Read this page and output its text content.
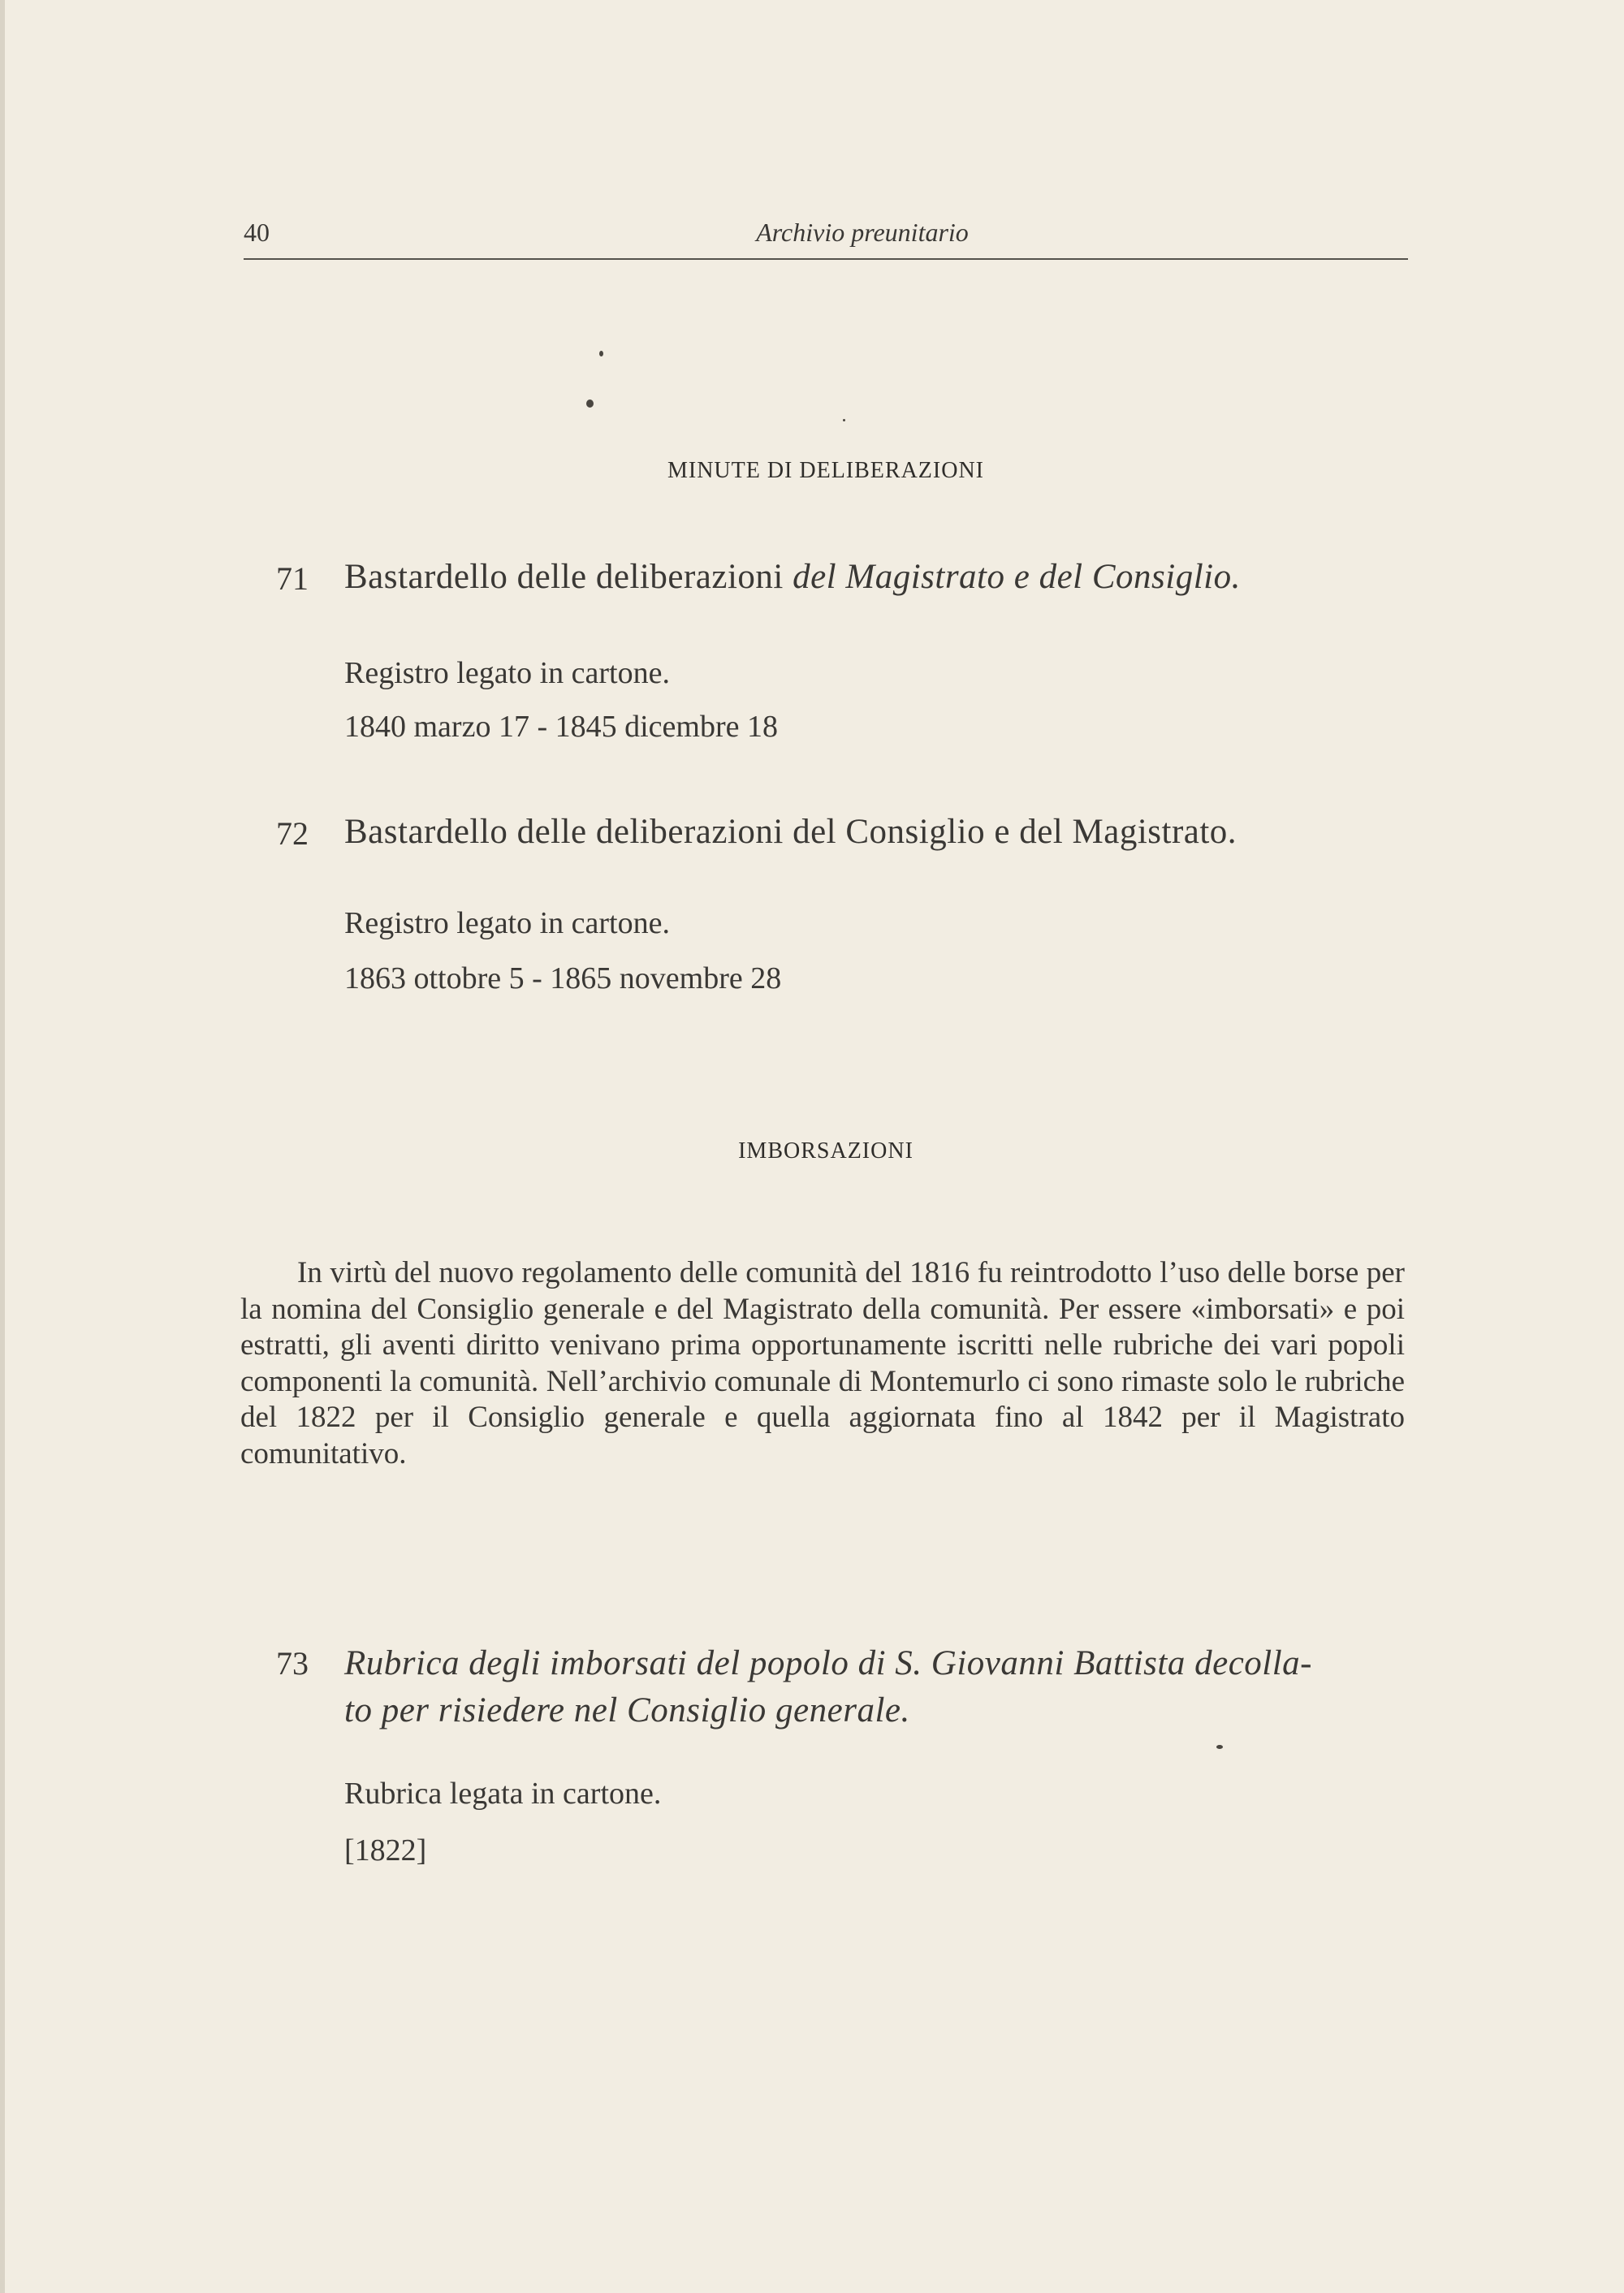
40	Archivio preunitario
MINUTE DI DELIBERAZIONI
71 Bastardello delle deliberazioni del Magistrato e del Consiglio.
Registro legato in cartone.
1840 marzo 17 - 1845 dicembre 18
72 Bastardello delle deliberazioni del Consiglio e del Magistrato.
Registro legato in cartone.
1863 ottobre 5 - 1865 novembre 28
IMBORSAZIONI

In virtù del nuovo regolamento delle comunità del 1816 fu reintrodotto l’uso delle borse per la nomina del Consiglio generale e del Magistrato della comunità. Per essere «imborsati» e poi estratti, gli aventi diritto venivano prima opportunamente iscritti nelle rubriche dei vari popoli componenti la comunità. Nell’archivio comunale di Montemurlo ci sono rimaste solo le rubriche del 1822 per il Consiglio generale e quella aggiornata fino al 1842 per il Magistrato comunitativo.

73 Rubrica degli imborsati del popolo di S. Giovanni Battista decolla-
to per risiedere nel Consiglio generale.
Rubrica legata in cartone.
[1822]
